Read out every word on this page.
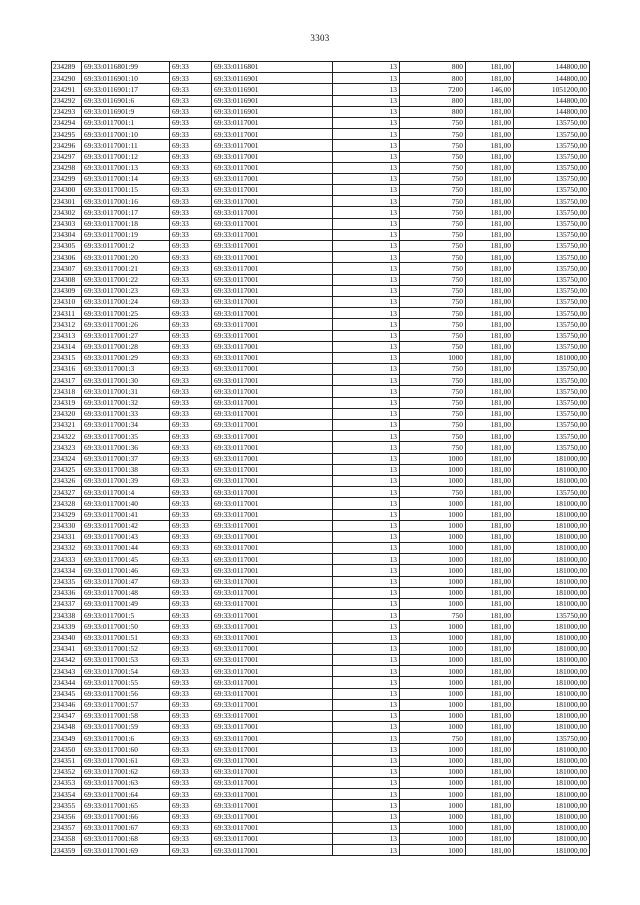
3303
234289	69:33:0116801:99	69:33	69:33:0116801	13	800	181,00	144800,00
234290	69:33:0116901:10	69:33	69:33:0116901	13	800	181,00	144800,00
234291	69:33:0116901:17	69:33	69:33:0116901	13	7200	146,00	1051200,00
234292	69:33:0116901:6	69:33	69:33:0116901	13	800	181,00	144800,00
234293	69:33:0116901:9	69:33	69:33:0116901	13	800	181,00	144800,00
234294	69:33:0117001:1	69:33	69:33:0117001	13	750	181,00	135750,00
234295	69:33:0117001:10	69:33	69:33:0117001	13	750	181,00	135750,00
234296	69:33:0117001:11	69:33	69:33:0117001	13	750	181,00	135750,00
234297	69:33:0117001:12	69:33	69:33:0117001	13	750	181,00	135750,00
234298	69:33:0117001:13	69:33	69:33:0117001	13	750	181,00	135750,00
234299	69:33:0117001:14	69:33	69:33:0117001	13	750	181,00	135750,00
234300	69:33:0117001:15	69:33	69:33:0117001	13	750	181,00	135750,00
234301	69:33:0117001:16	69:33	69:33:0117001	13	750	181,00	135750,00
234302	69:33:0117001:17	69:33	69:33:0117001	13	750	181,00	135750,00
234303	69:33:0117001:18	69:33	69:33:0117001	13	750	181,00	135750,00
234304	69:33:0117001:19	69:33	69:33:0117001	13	750	181,00	135750,00
234305	69:33:0117001:2	69:33	69:33:0117001	13	750	181,00	135750,00
234306	69:33:0117001:20	69:33	69:33:0117001	13	750	181,00	135750,00
234307	69:33:0117001:21	69:33	69:33:0117001	13	750	181,00	135750,00
234308	69:33:0117001:22	69:33	69:33:0117001	13	750	181,00	135750,00
234309	69:33:0117001:23	69:33	69:33:0117001	13	750	181,00	135750,00
234310	69:33:0117001:24	69:33	69:33:0117001	13	750	181,00	135750,00
234311	69:33:0117001:25	69:33	69:33:0117001	13	750	181,00	135750,00
234312	69:33:0117001:26	69:33	69:33:0117001	13	750	181,00	135750,00
234313	69:33:0117001:27	69:33	69:33:0117001	13	750	181,00	135750,00
234314	69:33:0117001:28	69:33	69:33:0117001	13	750	181,00	135750,00
234315	69:33:0117001:29	69:33	69:33:0117001	13	1000	181,00	181000,00
234316	69:33:0117001:3	69:33	69:33:0117001	13	750	181,00	135750,00
234317	69:33:0117001:30	69:33	69:33:0117001	13	750	181,00	135750,00
234318	69:33:0117001:31	69:33	69:33:0117001	13	750	181,00	135750,00
234319	69:33:0117001:32	69:33	69:33:0117001	13	750	181,00	135750,00
234320	69:33:0117001:33	69:33	69:33:0117001	13	750	181,00	135750,00
234321	69:33:0117001:34	69:33	69:33:0117001	13	750	181,00	135750,00
234322	69:33:0117001:35	69:33	69:33:0117001	13	750	181,00	135750,00
234323	69:33:0117001:36	69:33	69:33:0117001	13	750	181,00	135750,00
234324	69:33:0117001:37	69:33	69:33:0117001	13	1000	181,00	181000,00
234325	69:33:0117001:38	69:33	69:33:0117001	13	1000	181,00	181000,00
234326	69:33:0117001:39	69:33	69:33:0117001	13	1000	181,00	181000,00
234327	69:33:0117001:4	69:33	69:33:0117001	13	750	181,00	135750,00
234328	69:33:0117001:40	69:33	69:33:0117001	13	1000	181,00	181000,00
234329	69:33:0117001:41	69:33	69:33:0117001	13	1000	181,00	181000,00
234330	69:33:0117001:42	69:33	69:33:0117001	13	1000	181,00	181000,00
234331	69:33:0117001:43	69:33	69:33:0117001	13	1000	181,00	181000,00
234332	69:33:0117001:44	69:33	69:33:0117001	13	1000	181,00	181000,00
234333	69:33:0117001:45	69:33	69:33:0117001	13	1000	181,00	181000,00
234334	69:33:0117001:46	69:33	69:33:0117001	13	1000	181,00	181000,00
234335	69:33:0117001:47	69:33	69:33:0117001	13	1000	181,00	181000,00
234336	69:33:0117001:48	69:33	69:33:0117001	13	1000	181,00	181000,00
234337	69:33:0117001:49	69:33	69:33:0117001	13	1000	181,00	181000,00
234338	69:33:0117001:5	69:33	69:33:0117001	13	750	181,00	135750,00
234339	69:33:0117001:50	69:33	69:33:0117001	13	1000	181,00	181000,00
234340	69:33:0117001:51	69:33	69:33:0117001	13	1000	181,00	181000,00
234341	69:33:0117001:52	69:33	69:33:0117001	13	1000	181,00	181000,00
234342	69:33:0117001:53	69:33	69:33:0117001	13	1000	181,00	181000,00
234343	69:33:0117001:54	69:33	69:33:0117001	13	1000	181,00	181000,00
234344	69:33:0117001:55	69:33	69:33:0117001	13	1000	181,00	181000,00
234345	69:33:0117001:56	69:33	69:33:0117001	13	1000	181,00	181000,00
234346	69:33:0117001:57	69:33	69:33:0117001	13	1000	181,00	181000,00
234347	69:33:0117001:58	69:33	69:33:0117001	13	1000	181,00	181000,00
234348	69:33:0117001:59	69:33	69:33:0117001	13	1000	181,00	181000,00
234349	69:33:0117001:6	69:33	69:33:0117001	13	750	181,00	135750,00
234350	69:33:0117001:60	69:33	69:33:0117001	13	1000	181,00	181000,00
234351	69:33:0117001:61	69:33	69:33:0117001	13	1000	181,00	181000,00
234352	69:33:0117001:62	69:33	69:33:0117001	13	1000	181,00	181000,00
234353	69:33:0117001:63	69:33	69:33:0117001	13	1000	181,00	181000,00
234354	69:33:0117001:64	69:33	69:33:0117001	13	1000	181,00	181000,00
234355	69:33:0117001:65	69:33	69:33:0117001	13	1000	181,00	181000,00
234356	69:33:0117001:66	69:33	69:33:0117001	13	1000	181,00	181000,00
234357	69:33:0117001:67	69:33	69:33:0117001	13	1000	181,00	181000,00
234358	69:33:0117001:68	69:33	69:33:0117001	13	1000	181,00	181000,00
234359	69:33:0117001:69	69:33	69:33:0117001	13	1000	181,00	181000,00
